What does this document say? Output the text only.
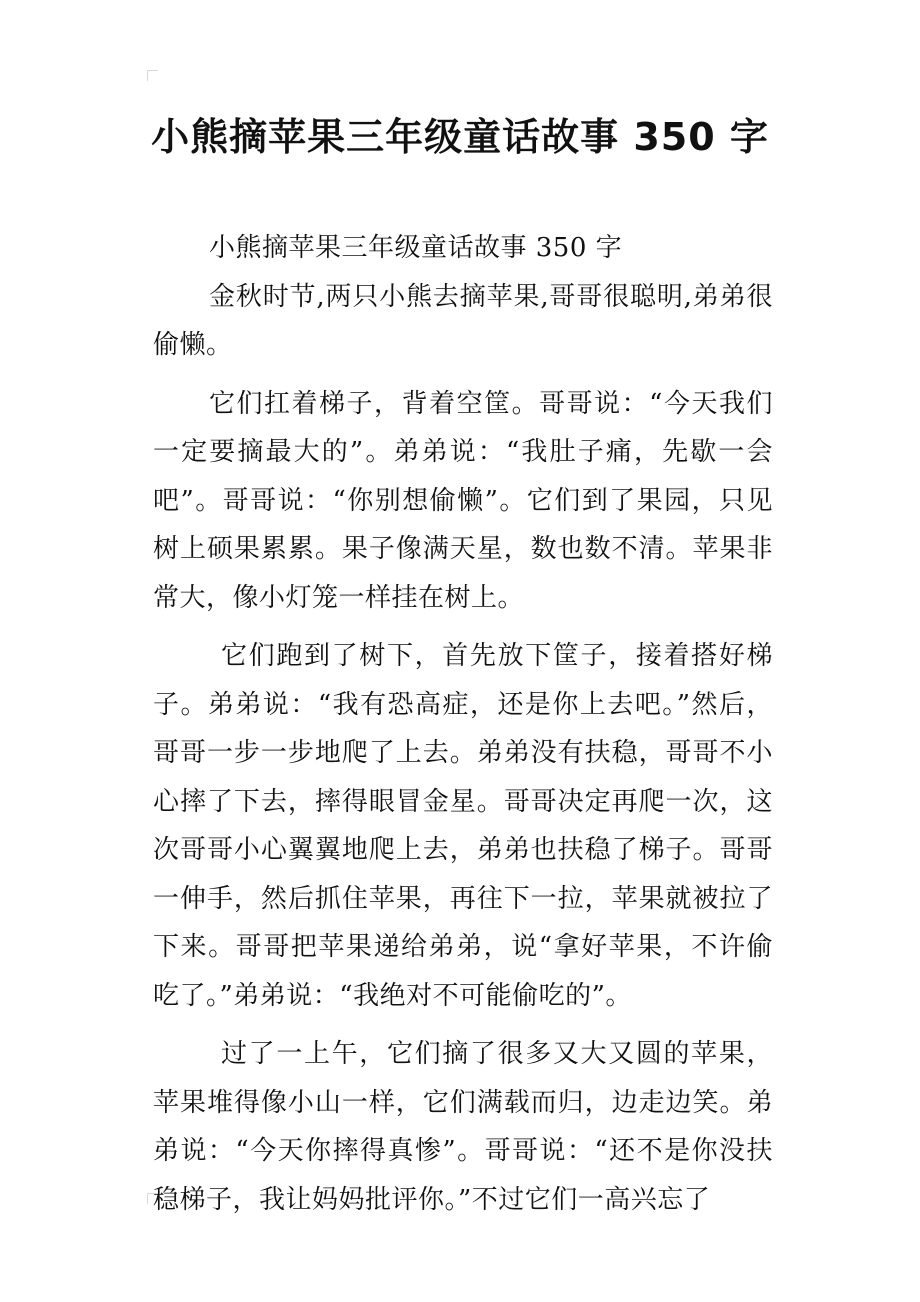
小熊摘苹果三年级童话故事 350 字

小熊摘苹果三年级童话故事 350 字

金秋时节,两只小熊去摘苹果,哥哥很聪明,弟弟很偷懒。

它们扛着梯子，背着空筐。哥哥说：“今天我们一定要摘最大的”。弟弟说：“我肚子痛，先歇一会吧”。哥哥说：“你别想偷懒”。它们到了果园，只见树上硕果累累。果子像满天星，数也数不清。苹果非常大，像小灯笼一样挂在树上。

它们跑到了树下，首先放下筐子，接着搭好梯子。弟弟说：“我有恐高症，还是你上去吧。”然后，哥哥一步一步地爬了上去。弟弟没有扶稳，哥哥不小心摔了下去，摔得眼冒金星。哥哥决定再爬一次，这次哥哥小心翼翼地爬上去，弟弟也扶稳了梯子。哥哥一伸手，然后抓住苹果，再往下一拉，苹果就被拉了下来。哥哥把苹果递给弟弟，说“拿好苹果，不许偷吃了。”弟弟说：“我绝对不可能偷吃的”。

过了一上午，它们摘了很多又大又圆的苹果，苹果堆得像小山一样，它们满载而归，边走边笑。弟弟说：“今天你摔得真惨”。哥哥说：“还不是你没扶稳梯子，我让妈妈批评你。”不过它们一高兴忘了
